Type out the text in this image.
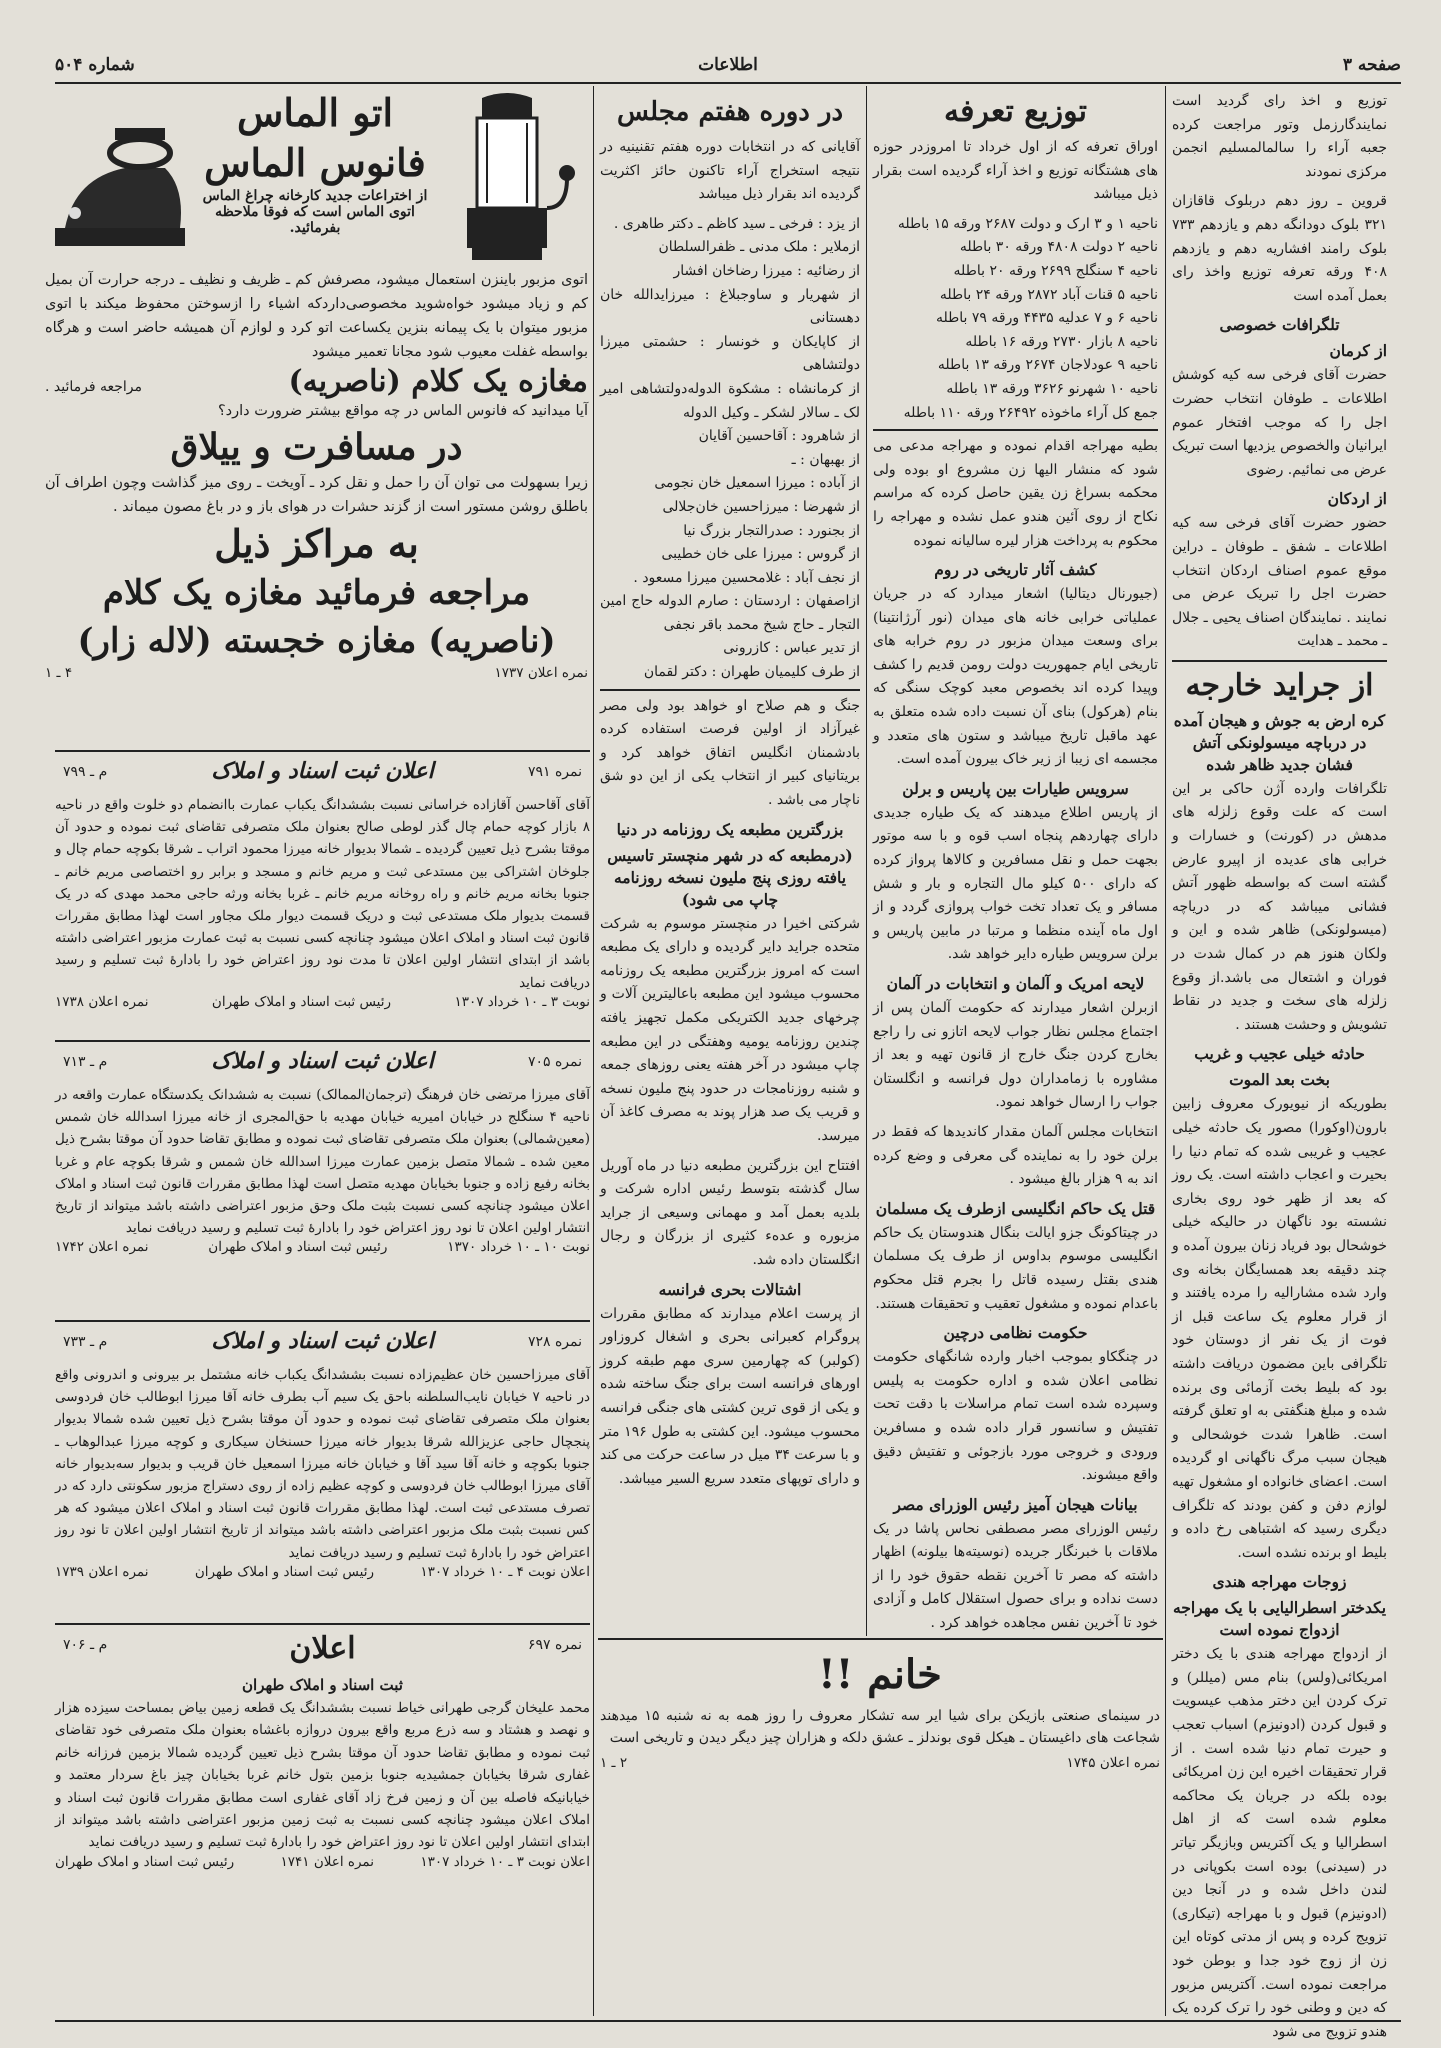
شماره ۵۰۴	اطلاعات	صفحه ۳

توزیع و اخذ رای گردید است نمایندگارزمل وتور مراجعت کرده جعبه آراء را سالمالمسلیم انجمن مرکزی نمودند

قروین ـ روز دهم دربلوک قاقازان ۳۲۱ بلوک دودانگه دهم و یازدهم ۷۳۳ بلوک رامند افشاریه دهم و یازدهم ۴۰۸ ورقه تعرفه توزیع واخذ رای بعمل آمده است

تلگرافات خصوصی
از کرمان

حضرت آقای فرخی سه کیه کوشش اطلاعات ـ طوفان انتخاب حضرت اجل را که موجب افتخار عموم ایرانیان والخصوص یزدیها است تبریک عرض می نمائیم. رضوی

از اردکان

حضور حضرت آقای فرخی سه کیه اطلاعات ـ شفق ـ طوفان ـ دراین موقع عموم اصناف اردکان انتخاب حضرت اجل را تبریک عرض می نمایند . نمایندگان اصناف یحیی ـ جلال ـ محمد ـ هدایت

از جراید خارجه
کره ارض به جوش و هیجان آمده در درباچه میسولونکی آتش فشان جدید ظاهر شده

تلگرافات وارده آژن حاکی بر این است که علت وقوع زلزله های مدهش در (کورنت) و خسارات و خرابی های عدیده از اپیرو عارض گشته است که بواسطه ظهور آتش فشانی میباشد که در دریاچه (میسولونکی) ظاهر شده و این و ولکان هنوز هم در کمال شدت در فوران و اشتعال می باشد.از وقوع زلزله های سخت و جدید در نقاط تشویش و وحشت هستند .

حادثه خیلی عجیب و غریب
بخت بعد الموت

بطوریکه از نیویورک معروف زابین بارون(اوکورا) مصور یک حادثه خیلی عجیب و غریبی شده که تمام دنیا را بحیرت و اعجاب داشته است. یک روز که بعد از ظهر خود روی بخاری نشسته بود ناگهان در حالیکه خیلی خوشحال بود فریاد زنان بیرون آمده و چند دقیقه بعد همسایگان بخانه وی وارد شده مشارالیه را مرده یافتند و از قرار معلوم یک ساعت قبل از فوت از یک نفر از دوستان خود تلگرافی باین مضمون دریافت داشته بود که بلیط بخت آزمائی وی برنده شده و مبلغ هنگفتی به او تعلق گرفته است. ظاهرا شدت خوشحالی و هیجان سبب مرگ ناگهانی او گردیده است. اعضای خانواده او مشغول تهیه لوازم دفن و کفن بودند که تلگراف دیگری رسید که اشتباهی رخ داده و بلیط او برنده نشده است.

زوجات مهراجه هندی
یکدختر اسطرالیایی با یک مهراجه ازدواج نموده است

از ازدواج مهراجه هندی با یک دختر امریکائی(ولس) بنام مس (میللر) و ترک کردن این دختر مذهب عیسویت و قبول کردن (ادونیزم) اسباب تعجب و حیرت تمام دنیا شده است . از قرار تحقیقات اخیره این زن امریکائی بوده بلکه در جریان یک محاکمه معلوم شده است که از اهل اسطرالیا و یک آکتریس وبازیگر تیاتر در (سیدنی) بوده است بکوپانی در لندن داخل شده و در آنجا دین (ادونیزم) قبول و با مهراجه (تیکاری) تزویج کرده و پس از مدتی کوتاه این زن از زوج خود جدا و بوطن خود مراجعت نموده است. آکتریس مزبور که دین و وطنی خود را ترک کرده یک هندو تزویج می شود

توزیع تعرفه

اوراق تعرفه که از اول خرداد تا امروزدر حوزه های هشتگانه توزیع و اخذ آراء گردیده است بقرار ذیل میباشد

ناحیه ۱ و ۳ ارک و دولت ۲۶۸۷ ورقه ۱۵ باطله
ناحیه ۲ دولت ۴۸۰۸ ورقه ۳۰ باطله
ناحیه ۴ سنگلج ۲۶۹۹ ورقه ۲۰ باطله
ناحیه ۵ قنات آباد ۲۸۷۲ ورقه ۲۴ باطله
ناحیه ۶ و ۷ عدلیه ۴۴۳۵ ورقه ۷۹ باطله
ناحیه ۸ بازار ۲۷۳۰ ورقه ۱۶ باطله
ناحیه ۹ عودلاجان ۲۶۷۴ ورقه ۱۳ باطله
ناحیه ۱۰ شهرنو ۳۶۲۶ ورقه ۱۳ باطله
جمع کل آراء ماخوذه ۲۶۴۹۲ ورقه ۱۱۰ باطله

بطیه مهراجه اقدام نموده و مهراجه مدعی می شود که منشار الیها زن مشروع او بوده ولی محکمه بسراغ زن یقین حاصل کرده که مراسم نکاح از روی آئین هندو عمل نشده و مهراجه را محکوم به پرداخت هزار لیره سالیانه نموده

کشف آثار تاریخی در روم

(جیورنال دیتالیا) اشعار میدارد که در جریان عملیاتی خرابی خانه های میدان (نور آرژانتینا) برای وسعت میدان مزبور در روم خرابه های تاریخی ایام جمهوریت دولت رومن قدیم را کشف وپیدا کرده اند بخصوص معبد کوچک سنگی که بنام (هرکول) بنای آن نسبت داده شده متعلق به عهد ماقبل تاریخ میباشد و ستون های متعدد و مجسمه ای زیبا از زیر خاک بیرون آمده است.

سرویس طیارات بین پاریس و برلن

از پاریس اطلاع میدهند که یک طیاره جدیدی دارای چهاردهم پنجاه اسب قوه و با سه موتور بجهت حمل و نقل مسافرین و کالاها پرواز کرده که دارای ۵۰۰ کیلو مال التجاره و بار و شش مسافر و یک تعداد تخت خواب پروازی گردد و از اول ماه آینده منظما و مرتبا در مابین پاریس و برلن سرویس طیاره دایر خواهد شد.

لایحه امریک و آلمان و انتخابات در آلمان

ازبرلن اشعار میدارند که حکومت آلمان پس از اجتماع مجلس نظار جواب لایحه اتازو نی را راجع بخارج کردن جنگ خارج از قانون تهیه و بعد از مشاوره با زمامداران دول فرانسه و انگلستان جواب را ارسال خواهد نمود.

انتخابات مجلس آلمان مقدار کاندیدها که فقط در برلن خود را به نماینده گی معرفی و وضع کرده اند به ۹ هزار بالغ میشود .

قتل یک حاکم انگلیسی ازطرف یک مسلمان

در چیتاکونگ جزو ایالت بنگال هندوستان یک حاکم انگلیسی موسوم بداوس از طرف یک مسلمان هندی بقتل رسیده قاتل را بجرم قتل محکوم باعدام نموده و مشغول تعقیب و تحقیقات هستند.

حکومت نظامی درچین

در چنگکاو بموجب اخبار وارده شانگهای حکومت نظامی اعلان شده و اداره حکومت به پلیس وسپرده شده است تمام مراسلات با دقت تحت تفتیش و سانسور قرار داده شده و مسافرین ورودی و خروجی مورد بازجوئی و تفتیش دقیق واقع میشوند.

بیانات هیجان آمیز رئیس الوزرای مصر

رئیس الوزرای مصر مصطفی نحاس پاشا در یک ملاقات با خبرنگار جریده (نوسیته‌ها بیلونه) اظهار داشته که مصر تا آخرین نقطه حقوق خود را از دست نداده و برای حصول استقلال کامل و آزادی خود تا آخرین نفس مجاهده خواهد کرد .

در دوره هفتم مجلس

آقایانی که در انتخابات دوره هفتم تقنینیه در نتیجه استخراج آراء تاکنون حائز اکثریت گردیده اند بقرار ذیل میباشد

از یزد : فرخی ـ سید کاظم ـ دکتر طاهری .
ازملایر : ملک مدنی ـ ظفرالسلطان
از رضائیه : میرزا رضاخان افشار
از شهریار و ساوجبلاغ : میرزایدالله خان دهستانی
از کاپایکان و خونسار : حشمتی میرزا دولتشاهی
از کرمانشاه : مشکوة الدوله‌دولتشاهی امیر لک ـ سالار لشکر ـ وکیل الدوله
از شاهرود : آقاحسین آقایان
از بهبهان : ـ
از آباده : میرزا اسمعیل خان نجومی
از شهرضا : میرزاحسین خان‌جلالی
از بجنورد : صدرالتجار بزرگ نیا
از گروس : میرزا علی خان خطیبی
از نجف آباد : غلامحسین میرزا مسعود .
ازاصفهان : اردستان : صارم الدوله حاج امین التجار ـ حاج شیخ محمد باقر نجفی
از تدیر عباس : کازرونی
از طرف کلیمیان طهران : دکتر لقمان

جنگ و هم صلاح او خواهد بود ولی مصر غیرآزاد از اولین فرصت استفاده کرده بادشمنان انگلیس اتفاق خواهد کرد و بریتانیای کبیر از انتخاب یکی از این دو شق ناچار می باشد .

بزرگترین مطبعه یک روزنامه در دنیا
(درمطبعه که در شهر منچستر تاسیس یافته روزی پنج ملیون نسخه روزنامه چاپ می شود)

شرکتی اخیرا در منچستر موسوم به شرکت متحده جراید دایر گردیده و دارای یک مطبعه است که امروز بزرگترین مطبعه یک روزنامه محسوب میشود این مطبعه باعالیترین آلات و چرخهای جدید الکتریکی مکمل تجهیز یافته چندین روزنامه یومیه وهفتگی در این مطبعه چاپ میشود در آخر هفته یعنی روزهای جمعه و شنبه روزنامجات در حدود پنج ملیون نسخه و قریب یک صد هزار پوند به مصرف کاغذ آن میرسد.

افتتاح این بزرگترین مطبعه دنیا در ماه آوریل سال گذشته بتوسط رئیس اداره شرکت و بلدیه بعمل آمد و مهمانی وسیعی از جراید مزبوره و عدهء کثیری از بزرگان و رجال انگلستان داده شد.

اشتالات بحری فرانسه

از پرست اعلام میدارند که مطابق مقررات پروگرام کعبرانی بحری و اشغال کروزاور (کولبر) که چهارمین سری مهم طبقه کروز اورهای فرانسه است برای جنگ ساخته شده و یکی از قوی ترین کشتی های جنگی فرانسه محسوب میشود. این کشتی به طول ۱۹۶ متر و با سرعت ۳۴ میل در ساعت حرکت می کند و دارای توپهای متعدد سریع السیر میباشد.

خانم !!
در سینمای صنعتی بازیکن برای شیا ایر سه تشکار معروف را روز همه به نه شنبه ۱۵ میدهند شجاعت های داغیستان ـ هیکل قوی بوندلز ـ عشق دلکه و هزاران چیز دیگر دیدن و تاریخی است
نمره اعلان ۱۷۴۵
۲ ـ ۱
اتو الماس
فانوس الماس
از اختراعات جدید کارخانه چراغ الماس
اتوی الماس است که فوقا ملاحظه بفرمائید.
اتوی مزبور باینزن استعمال میشود، مصرفش کم ـ ظریف و نظیف ـ درجه حرارت آن بمیل کم و زیاد میشود خواه‌شوید مخصوصی‌داردکه اشیاء را ازسوختن محفوظ میکند با اتوی مزبور میتوان با یک پیمانه بنزین یکساعت اتو کرد و لوازم آن همیشه حاضر است و هرگاه بواسطه غفلت معیوب شود مجانا تعمیر میشود
مغازه یک کلام (ناصریه)
مراجعه فرمائید .
آیا میدانید که فانوس الماس در چه مواقع بیشتر ضرورت دارد؟
در مسافرت و ییلاق
زیرا بسهولت می توان آن را حمل و نقل کرد ـ آویخت ـ روی میز گذاشت وچون اطراف آن باطلق روشن مستور است از گزند حشرات در هوای باز و در باغ مصون میماند .
به مراکز ذیل
مراجعه فرمائید مغازه یک کلام
(ناصریه) مغازه خجسته (لاله زار)
نمره اعلان ۱۷۳۷
۴ ـ ۱
م ـ ۷۹۹	اعلان ثبت اسناد و املاک	نمره ۷۹۱
آقای آقاحسن آقازاده خراسانی نسبت بششدانگ یکباب عمارت باانضمام دو خلوت واقع در ناحیه ۸ بازار کوچه حمام چال گذر لوطی صالح بعنوان ملک متصرفی تقاضای ثبت نموده و حدود آن موقتا بشرح ذیل تعیین گردیده ـ شمالا بدیوار خانه میرزا محمود اتراب ـ شرقا بکوچه حمام چال و جلوخان اشتراکی بین مستدعی ثبت و مریم خانم و مسجد و برابر رو اختصاصی مریم خانم ـ جنوبا بخانه مریم خانم و راه روخانه مریم خانم ـ غربا بخانه ورثه حاجی محمد مهدی که در یک قسمت بدیوار ملک مستدعی ثبت و دریک قسمت دیوار ملک مجاور است لهذا مطابق مقررات قانون ثبت اسناد و املاک اعلان میشود چنانچه کسی نسبت به ثبت عمارت مزبور اعتراضی داشته باشد از ابتدای انتشار اولین اعلان تا مدت نود روز اعتراض خود را بادارهٔ ثبت تسلیم و رسید دریافت نماید
نوبت ۳ ـ ۱۰ خرداد ۱۳۰۷
رئیس ثبت اسناد و املاک طهران
نمره اعلان ۱۷۳۸
م ـ ۷۱۳	اعلان ثبت اسناد و املاک	نمره ۷۰۵
آقای میرزا مرتضی خان فرهنگ (ترجمان‌الممالک) نسبت به ششدانک یکدستگاه عمارت واقعه در ناحیه ۴ سنگلج در خیابان امیریه خیابان مهدیه با حق‌المجری از خانه میرزا اسدالله خان شمس (معین‌شمالی) بعنوان ملک متصرفی تقاضای ثبت نموده و مطابق تقاضا حدود آن موقتا بشرح ذیل معین شده ـ شمالا متصل بزمین عمارت میرزا اسدالله خان شمس و شرقا بکوچه عام و غربا بخانه رفیع زاده و جنوبا بخیابان مهدیه متصل است لهذا مطابق مقررات قانون ثبت اسناد و املاک اعلان میشود چنانچه کسی نسبت بثبت ملک وحق مزبور اعتراضی داشته باشد میتواند از تاریخ انتشار اولین اعلان تا نود روز اعتراض خود را بادارهٔ ثبت تسلیم و رسید دریافت نماید
نوبت ۱۰ ـ ۱۰ خرداد ۱۳۷۰
رئیس ثبت اسناد و املاک طهران
نمره اعلان ۱۷۴۲
م ـ ۷۳۳	اعلان ثبت اسناد و املاک	نمره ۷۲۸
آقای میرزاحسین خان عظیم‌زاده نسبت بششدانگ یکباب خانه مشتمل بر بیرونی و اندرونی واقع در ناحیه ۷ خیابان نایب‌السلطنه باحق یک سیم آب بطرف خانه آقا میرزا ابوطالب خان فردوسی بعنوان ملک متصرفی تقاضای ثبت نموده و حدود آن موقتا بشرح ذیل تعیین شده شمالا بدیوار پنجچال حاجی عزیزالله شرقا بدیوار خانه میرزا حسنخان سیکاری و کوچه میرزا عبدالوهاب ـ جنوبا بکوچه و خانه آقا سید آقا و خیابان خانه میرزا اسمعیل خان قریب و بدیوار سه‌بدیوار خانه آقای میرزا ابوطالب خان فردوسی و کوچه عظیم زاده از روی دستراج مزبور سکونتی دارد که در تصرف مستدعی ثبت است. لهذا مطابق مقررات قانون ثبت اسناد و املاک اعلان میشود که هر کس نسبت بثبت ملک مزبور اعتراضی داشته باشد میتواند از تاریخ انتشار اولین اعلان تا نود روز اعتراض خود را بادارهٔ ثبت تسلیم و رسید دریافت نماید
اعلان نوبت ۴ ـ ۱۰ خرداد ۱۳۰۷
رئیس ثبت اسناد و املاک طهران
نمره اعلان ۱۷۳۹
م ـ ۷۰۶	اعلان	نمره ۶۹۷
ثبت اسناد و املاک طهران
محمد علیخان گرجی طهرانی خیاط نسبت بششدانگ یک قطعه زمین بیاض بمساحت سیزده هزار و نهصد و هشتاد و سه ذرع مربع واقع بیرون دروازه باغشاه بعنوان ملک متصرفی خود تقاضای ثبت نموده و مطابق تقاضا حدود آن موقتا بشرح ذیل تعیین گردیده شمالا بزمین فرزانه خانم غفاری شرقا بخیابان جمشیدیه جنوبا بزمین بتول خانم غربا بخیابان چیز باغ سردار معتمد و خیابانیکه فاصله بین آن و زمین فرخ زاد آقای غفاری است مطابق مقررات قانون ثبت اسناد و املاک اعلان میشود چنانچه کسی نسبت به ثبت زمین مزبور اعتراضی داشته باشد میتواند از ابتدای انتشار اولین اعلان تا نود روز اعتراض خود را بادارهٔ ثبت تسلیم و رسید دریافت نماید
اعلان نوبت ۳ ـ ۱۰ خرداد ۱۳۰۷
نمره اعلان ۱۷۴۱
رئیس ثبت اسناد و املاک طهران
